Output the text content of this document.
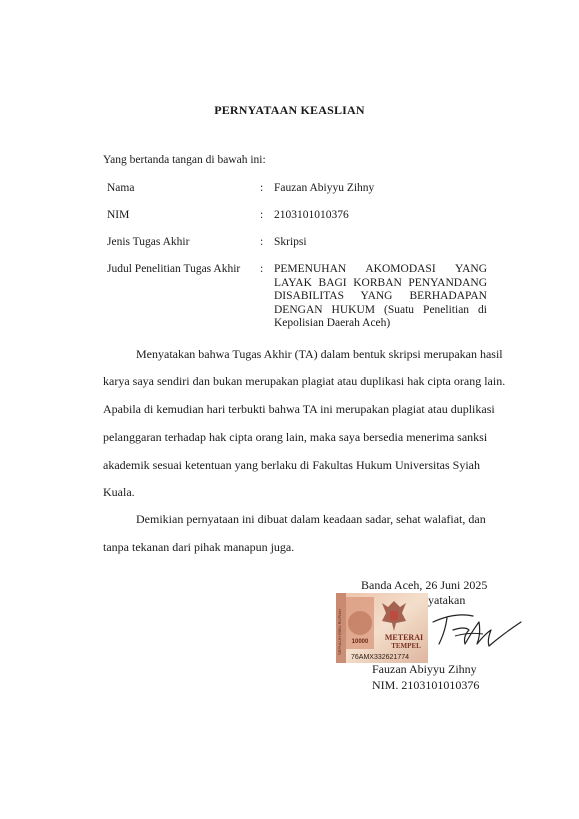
PERNYATAAN KEASLIAN
Yang bertanda tangan di bawah ini:
Nama	: Fauzan Abiyyu Zihny
NIM	: 2103101010376
Jenis Tugas Akhir	: Skripsi
Judul Penelitian Tugas Akhir : PEMENUHAN AKOMODASI YANG
LAYAK BAGI KORBAN PENYANDANG
DISABILITAS YANG BERHADAPAN
DENGAN HUKUM (Suatu Penelitian di
Kepolisian Daerah Aceh)
Menyatakan bahwa Tugas Akhir (TA) dalam bentuk skripsi merupakan hasil
karya saya sendiri dan bukan merupakan plagiat atau duplikasi hak cipta orang lain.
Apabila di kemudian hari terbukti bahwa TA ini merupakan plagiat atau duplikasi
pelanggaran terhadap hak cipta orang lain, maka saya bersedia menerima sanksi
akademik sesuai ketentuan yang berlaku di Fakultas Hukum Universitas Syiah
Kuala.
Demikian pernyataan ini dibuat dalam keadaan sadar, sehat walafiat, dan
tanpa tekanan dari pihak manapun juga.
Banda Aceh, 26 Juni 2025
yatakan
METERAI
TEMPEL
76AMX332621774
SEPULUH RIBU RUPIAH 10000
Fauzan Abiyyu Zihny
NIM. 2103101010376
